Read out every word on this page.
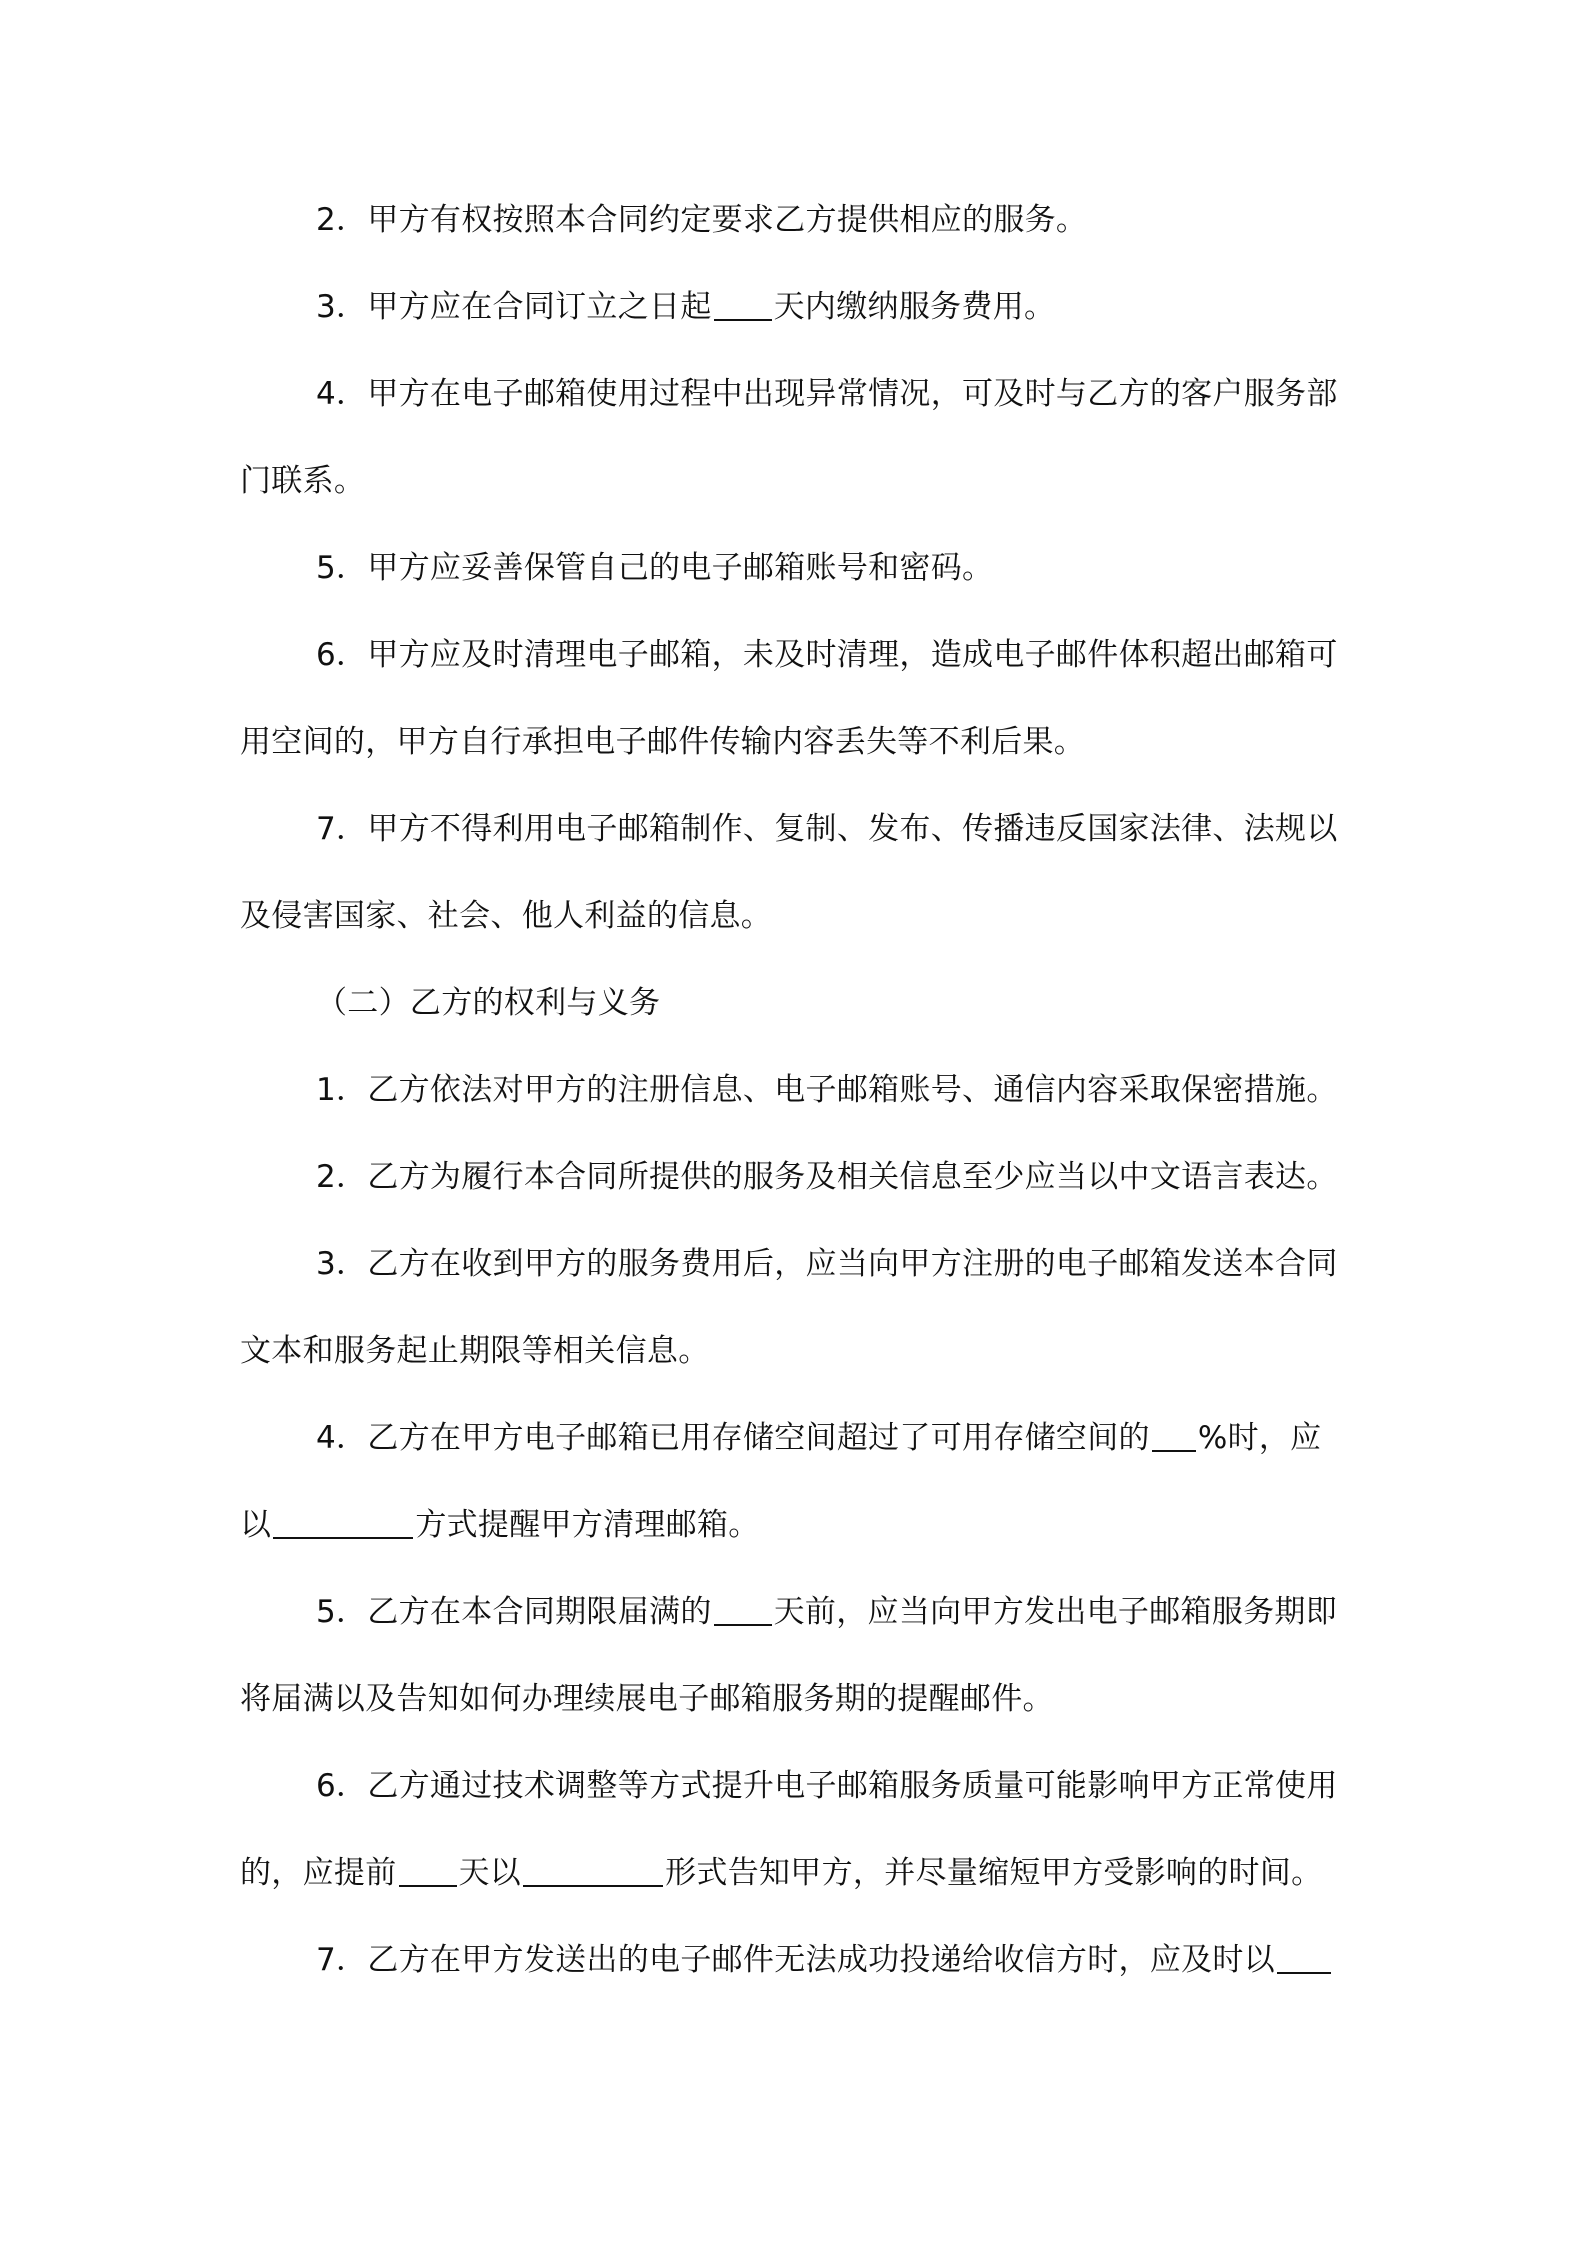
2．甲方有权按照本合同约定要求乙方提供相应的服务。
3．甲方应在合同订立之日起 天内缴纳服务费用。
4．甲方在电子邮箱使用过程中出现异常情况，可及时与乙方的客户服务部
门联系。
5．甲方应妥善保管自己的电子邮箱账号和密码。
6．甲方应及时清理电子邮箱，未及时清理，造成电子邮件体积超出邮箱可
用空间的，甲方自行承担电子邮件传输内容丢失等不利后果。
7．甲方不得利用电子邮箱制作、复制、发布、传播违反国家法律、法规以
及侵害国家、社会、他人利益的信息。
（二）乙方的权利与义务
1．乙方依法对甲方的注册信息、电子邮箱账号、通信内容采取保密措施。
2．乙方为履行本合同所提供的服务及相关信息至少应当以中文语言表达。
3．乙方在收到甲方的服务费用后，应当向甲方注册的电子邮箱发送本合同
文本和服务起止期限等相关信息。
4．乙方在甲方电子邮箱已用存储空间超过了可用存储空间的 %时，应
以	方式提醒甲方清理邮箱。
5．乙方在本合同期限届满的 天前，应当向甲方发出电子邮箱服务期即
将届满以及告知如何办理续展电子邮箱服务期的提醒邮件。
6．乙方通过技术调整等方式提升电子邮箱服务质量可能影响甲方正常使用
的，应提前 天以	形式告知甲方，并尽量缩短甲方受影响的时间。
7．乙方在甲方发送出的电子邮件无法成功投递给收信方时，应及时以
